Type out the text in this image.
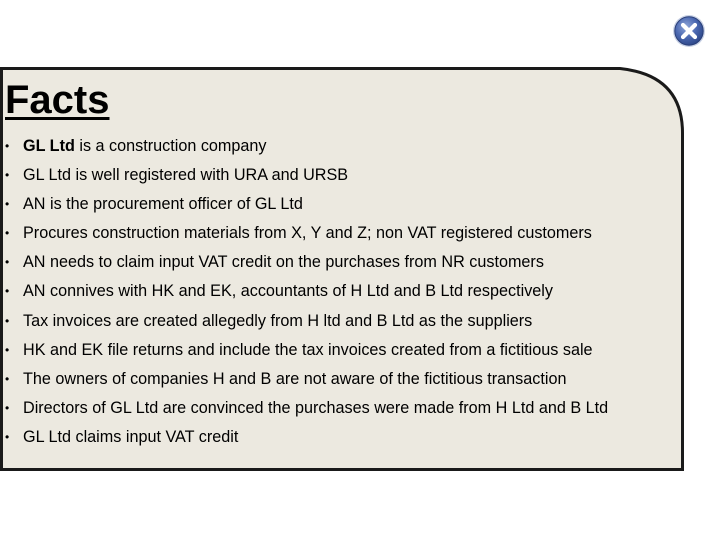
Facts
• GL Ltd is a construction company
• GL Ltd is well registered with URA and URSB
• AN is the procurement officer of GL Ltd
• Procures construction materials from X, Y and Z; non VAT registered customers
• AN needs to claim input VAT credit on the purchases from NR customers
• AN connives with HK and EK, accountants of H Ltd and B Ltd respectively
• Tax invoices are created allegedly from H ltd and B Ltd as the suppliers
• HK and EK file returns and include the tax invoices created from a fictitious sale
• The owners of companies H and B are not aware of the fictitious transaction
• Directors of GL Ltd are convinced the purchases were made from H Ltd and B Ltd
• GL Ltd claims input VAT credit
